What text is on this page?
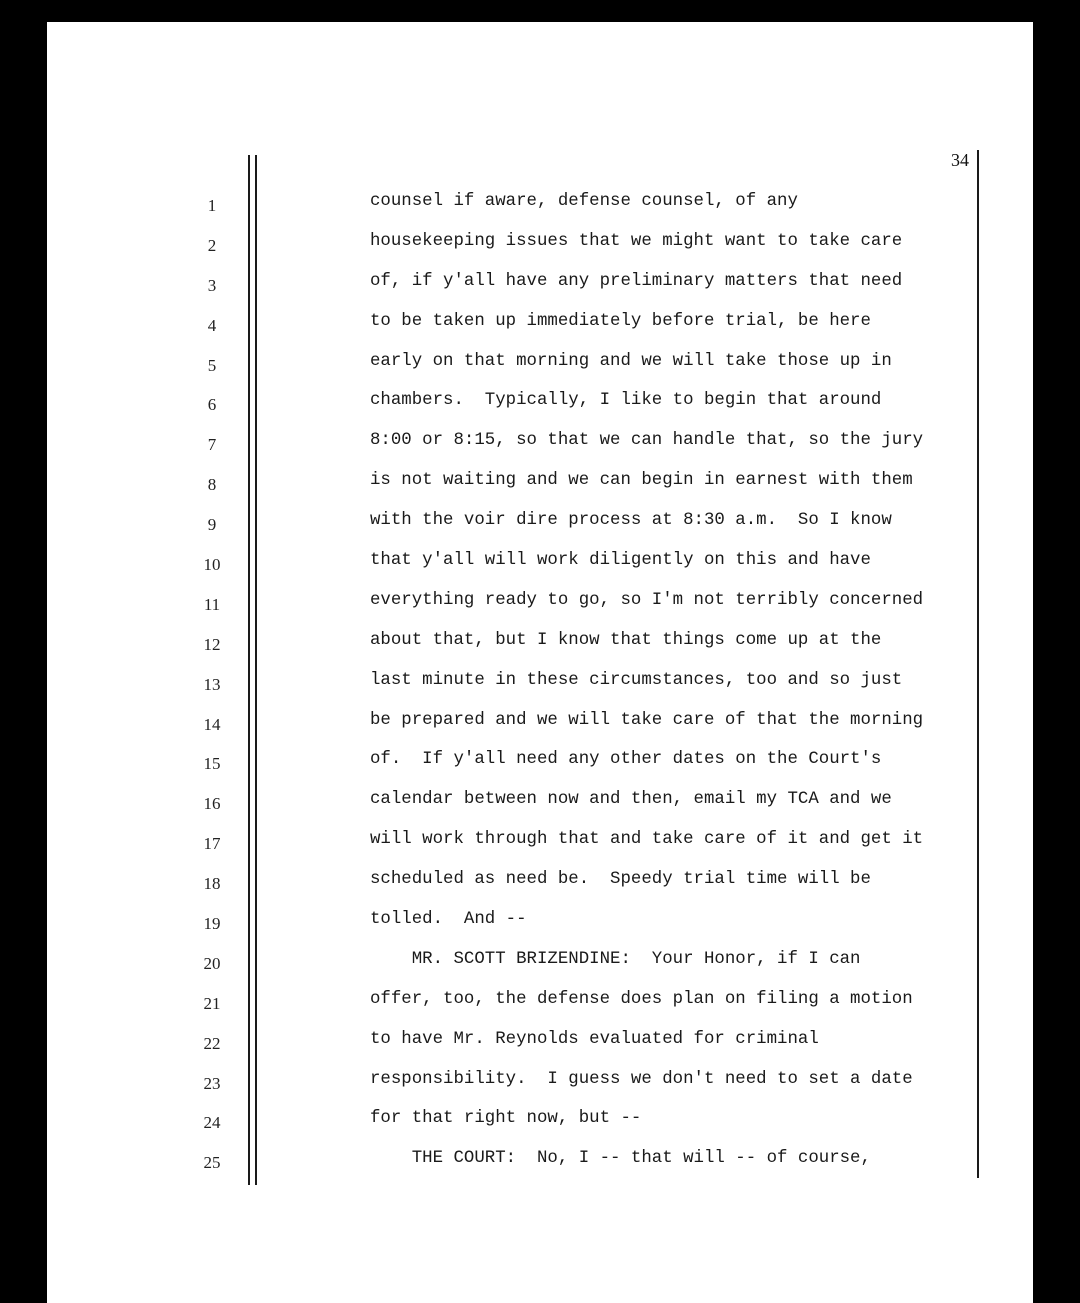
34
1
2
3
4
5
6
7
8
9
10
11
12
13
14
15
16
17
18
19
20
21
22
23
24
25
counsel if aware, defense counsel, of any
housekeeping issues that we might want to take care
of, if y'all have any preliminary matters that need
to be taken up immediately before trial, be here
early on that morning and we will take those up in
chambers.  Typically, I like to begin that around
8:00 or 8:15, so that we can handle that, so the jury
is not waiting and we can begin in earnest with them
with the voir dire process at 8:30 a.m.  So I know
that y'all will work diligently on this and have
everything ready to go, so I'm not terribly concerned
about that, but I know that things come up at the
last minute in these circumstances, too and so just
be prepared and we will take care of that the morning
of.  If y'all need any other dates on the Court's
calendar between now and then, email my TCA and we
will work through that and take care of it and get it
scheduled as need be.  Speedy trial time will be
tolled.  And --
MR. SCOTT BRIZENDINE:  Your Honor, if I can
offer, too, the defense does plan on filing a motion
to have Mr. Reynolds evaluated for criminal
responsibility.  I guess we don't need to set a date
for that right now, but --
THE COURT:  No, I -- that will -- of course,
